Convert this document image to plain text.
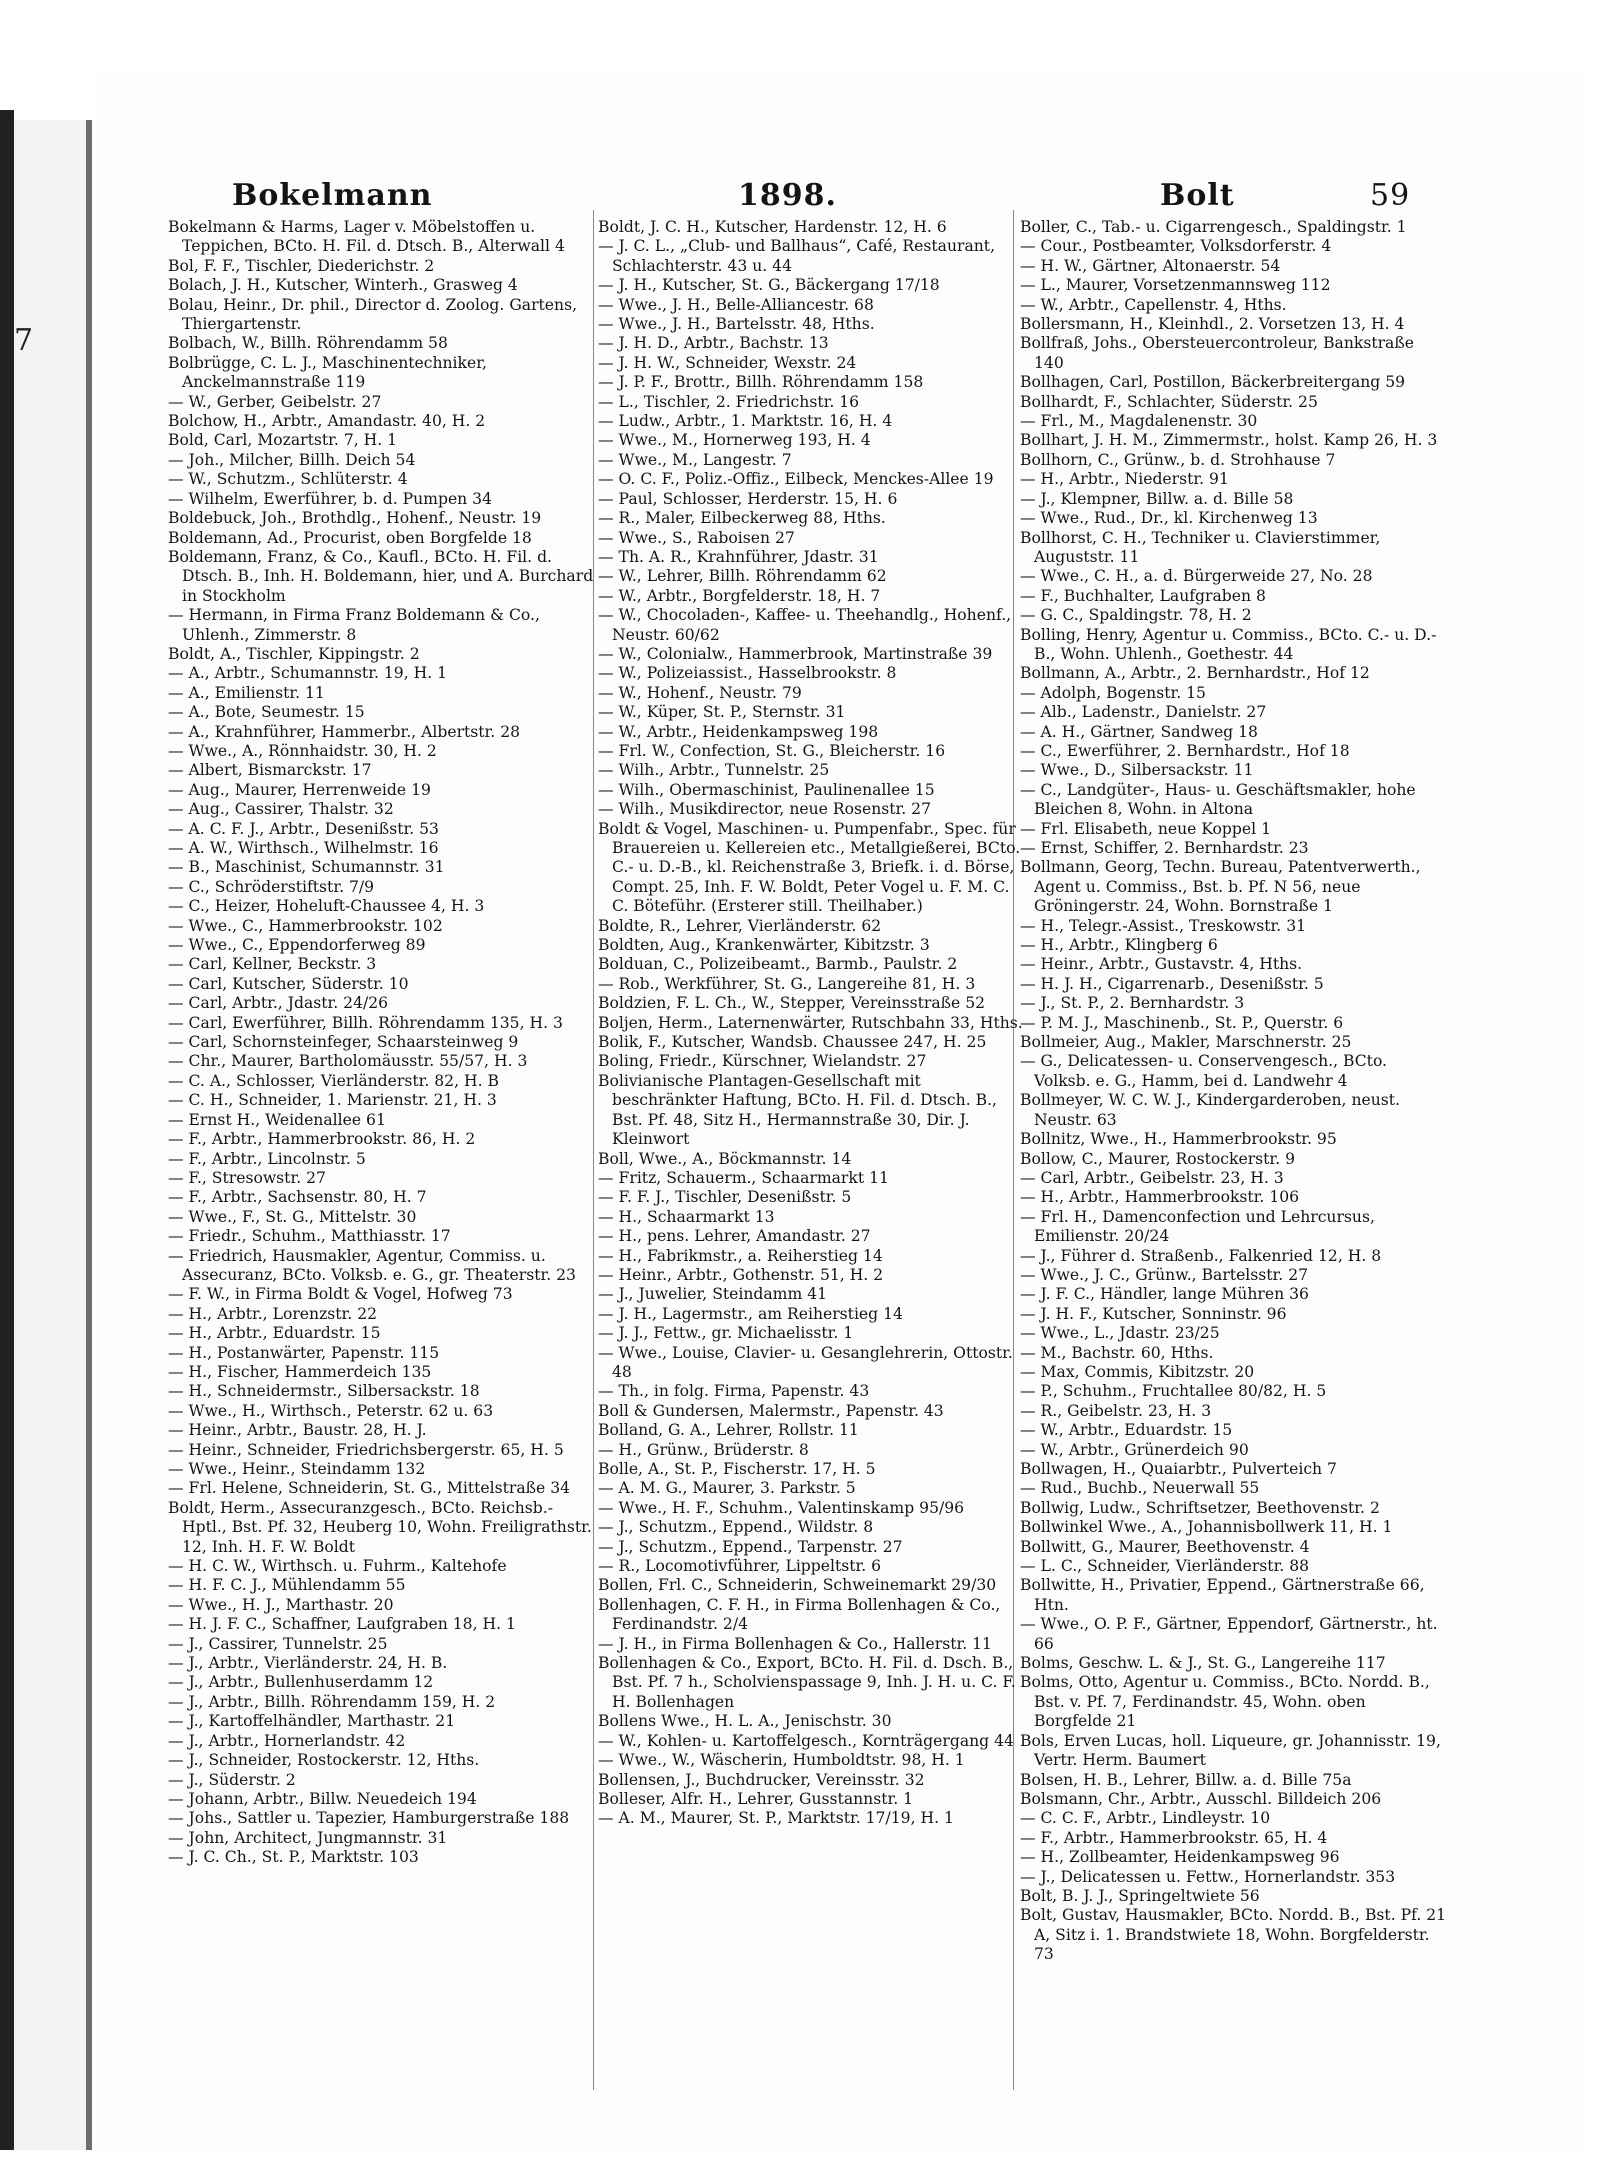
7
Bokelmann	1898.	Bolt	59
Bokelmann & Harms, Lager v. Möbelstoffen u. Teppichen, BCto. H. Fil. d. Dtsch. B., Alterwall 4
Bol, F. F., Tischler, Diederichstr. 2
Bolach, J. H., Kutscher, Winterh., Grasweg 4
Bolau, Heinr., Dr. phil., Director d. Zoolog. Gartens, Thiergartenstr.
Bolbach, W., Billh. Röhrendamm 58
Bolbrügge, C. L. J., Maschinentechniker, Anckelmannstraße 119
— W., Gerber, Geibelstr. 27
Bolchow, H., Arbtr., Amandastr. 40, H. 2
Bold, Carl, Mozartstr. 7, H. 1
— Joh., Milcher, Billh. Deich 54
— W., Schutzm., Schlüterstr. 4
— Wilhelm, Ewerführer, b. d. Pumpen 34
Boldebuck, Joh., Brothdlg., Hohenf., Neustr. 19
Boldemann, Ad., Procurist, oben Borgfelde 18
Boldemann, Franz, & Co., Kaufl., BCto. H. Fil. d. Dtsch. B., Inh. H. Boldemann, hier, und A. Burchard in Stockholm
— Hermann, in Firma Franz Boldemann & Co., Uhlenh., Zimmerstr. 8
Boldt, A., Tischler, Kippingstr. 2
— A., Arbtr., Schumannstr. 19, H. 1
— A., Emilienstr. 11
— A., Bote, Seumestr. 15
— A., Krahnführer, Hammerbr., Albertstr. 28
— Wwe., A., Rönnhaidstr. 30, H. 2
— Albert, Bismarckstr. 17
— Aug., Maurer, Herrenweide 19
— Aug., Cassirer, Thalstr. 32
— A. C. F. J., Arbtr., Desenißstr. 53
— A. W., Wirthsch., Wilhelmstr. 16
— B., Maschinist, Schumannstr. 31
— C., Schröderstiftstr. 7/9
— C., Heizer, Hoheluft-Chaussee 4, H. 3
— Wwe., C., Hammerbrookstr. 102
— Wwe., C., Eppendorferweg 89
— Carl, Kellner, Beckstr. 3
— Carl, Kutscher, Süderstr. 10
— Carl, Arbtr., Jdastr. 24/26
— Carl, Ewerführer, Billh. Röhrendamm 135, H. 3
— Carl, Schornsteinfeger, Schaarsteinweg 9
— Chr., Maurer, Bartholomäusstr. 55/57, H. 3
— C. A., Schlosser, Vierländerstr. 82, H. B
— C. H., Schneider, 1. Marienstr. 21, H. 3
— Ernst H., Weidenallee 61
— F., Arbtr., Hammerbrookstr. 86, H. 2
— F., Arbtr., Lincolnstr. 5
— F., Stresowstr. 27
— F., Arbtr., Sachsenstr. 80, H. 7
— Wwe., F., St. G., Mittelstr. 30
— Friedr., Schuhm., Matthiasstr. 17
— Friedrich, Hausmakler, Agentur, Commiss. u. Assecuranz, BCto. Volksb. e. G., gr. Theaterstr. 23
— F. W., in Firma Boldt & Vogel, Hofweg 73
— H., Arbtr., Lorenzstr. 22
— H., Arbtr., Eduardstr. 15
— H., Postanwärter, Papenstr. 115
— H., Fischer, Hammerdeich 135
— H., Schneidermstr., Silbersackstr. 18
— Wwe., H., Wirthsch., Peterstr. 62 u. 63
— Heinr., Arbtr., Baustr. 28, H. J.
— Heinr., Schneider, Friedrichsbergerstr. 65, H. 5
— Wwe., Heinr., Steindamm 132
— Frl. Helene, Schneiderin, St. G., Mittelstraße 34
Boldt, Herm., Assecuranzgesch., BCto. Reichsb.-Hptl., Bst. Pf. 32, Heuberg 10, Wohn. Freiligrathstr. 12, Inh. H. F. W. Boldt
— H. C. W., Wirthsch. u. Fuhrm., Kaltehofe
— H. F. C. J., Mühlendamm 55
— Wwe., H. J., Marthastr. 20
— H. J. F. C., Schaffner, Laufgraben 18, H. 1
— J., Cassirer, Tunnelstr. 25
— J., Arbtr., Vierländerstr. 24, H. B.
— J., Arbtr., Bullenhuserdamm 12
— J., Arbtr., Billh. Röhrendamm 159, H. 2
— J., Kartoffelhändler, Marthastr. 21
— J., Arbtr., Hornerlandstr. 42
— J., Schneider, Rostockerstr. 12, Hths.
— J., Süderstr. 2
— Johann, Arbtr., Billw. Neuedeich 194
— Johs., Sattler u. Tapezier, Hamburgerstraße 188
— John, Architect, Jungmannstr. 31
— J. C. Ch., St. P., Marktstr. 103
Boldt, J. C. H., Kutscher, Hardenstr. 12, H. 6
— J. C. L., „Club- und Ballhaus“, Café, Restaurant, Schlachterstr. 43 u. 44
— J. H., Kutscher, St. G., Bäckergang 17/18
— Wwe., J. H., Belle-Alliancestr. 68
— Wwe., J. H., Bartelsstr. 48, Hths.
— J. H. D., Arbtr., Bachstr. 13
— J. H. W., Schneider, Wexstr. 24
— J. P. F., Brottr., Billh. Röhrendamm 158
— L., Tischler, 2. Friedrichstr. 16
— Ludw., Arbtr., 1. Marktstr. 16, H. 4
— Wwe., M., Hornerweg 193, H. 4
— Wwe., M., Langestr. 7
— O. C. F., Poliz.-Offiz., Eilbeck, Menckes-Allee 19
— Paul, Schlosser, Herderstr. 15, H. 6
— R., Maler, Eilbeckerweg 88, Hths.
— Wwe., S., Raboisen 27
— Th. A. R., Krahnführer, Jdastr. 31
— W., Lehrer, Billh. Röhrendamm 62
— W., Arbtr., Borgfelderstr. 18, H. 7
— W., Chocoladen-, Kaffee- u. Theehandlg., Hohenf., Neustr. 60/62
— W., Colonialw., Hammerbrook, Martinstraße 39
— W., Polizeiassist., Hasselbrookstr. 8
— W., Hohenf., Neustr. 79
— W., Küper, St. P., Sternstr. 31
— W., Arbtr., Heidenkampsweg 198
— Frl. W., Confection, St. G., Bleicherstr. 16
— Wilh., Arbtr., Tunnelstr. 25
— Wilh., Obermaschinist, Paulinenallee 15
— Wilh., Musikdirector, neue Rosenstr. 27
Boldt & Vogel, Maschinen- u. Pumpenfabr., Spec. für Brauereien u. Kellereien etc., Metallgießerei, BCto. C.- u. D.-B., kl. Reichenstraße 3, Briefk. i. d. Börse, Compt. 25, Inh. F. W. Boldt, Peter Vogel u. F. M. C. C. Böteführ. (Ersterer still. Theilhaber.)
Boldte, R., Lehrer, Vierländerstr. 62
Boldten, Aug., Krankenwärter, Kibitzstr. 3
Bolduan, C., Polizeibeamt., Barmb., Paulstr. 2
— Rob., Werkführer, St. G., Langereihe 81, H. 3
Boldzien, F. L. Ch., W., Stepper, Vereinsstraße 52
Boljen, Herm., Laternenwärter, Rutschbahn 33, Hths.
Bolik, F., Kutscher, Wandsb. Chaussee 247, H. 25
Boling, Friedr., Kürschner, Wielandstr. 27
Bolivianische Plantagen-Gesellschaft mit beschränkter Haftung, BCto. H. Fil. d. Dtsch. B., Bst. Pf. 48, Sitz H., Hermannstraße 30, Dir. J. Kleinwort
Boll, Wwe., A., Böckmannstr. 14
— Fritz, Schauerm., Schaarmarkt 11
— F. F. J., Tischler, Desenißstr. 5
— H., Schaarmarkt 13
— H., pens. Lehrer, Amandastr. 27
— H., Fabrikmstr., a. Reiherstieg 14
— Heinr., Arbtr., Gothenstr. 51, H. 2
— J., Juwelier, Steindamm 41
— J. H., Lagermstr., am Reiherstieg 14
— J. J., Fettw., gr. Michaelisstr. 1
— Wwe., Louise, Clavier- u. Gesanglehrerin, Ottostr. 48
— Th., in folg. Firma, Papenstr. 43
Boll & Gundersen, Malermstr., Papenstr. 43
Bolland, G. A., Lehrer, Rollstr. 11
— H., Grünw., Brüderstr. 8
Bolle, A., St. P., Fischerstr. 17, H. 5
— A. M. G., Maurer, 3. Parkstr. 5
— Wwe., H. F., Schuhm., Valentinskamp 95/96
— J., Schutzm., Eppend., Wildstr. 8
— J., Schutzm., Eppend., Tarpenstr. 27
— R., Locomotivführer, Lippeltstr. 6
Bollen, Frl. C., Schneiderin, Schweinemarkt 29/30
Bollenhagen, C. F. H., in Firma Bollenhagen & Co., Ferdinandstr. 2/4
— J. H., in Firma Bollenhagen & Co., Hallerstr. 11
Bollenhagen & Co., Export, BCto. H. Fil. d. Dsch. B., Bst. Pf. 7 h., Scholvienspassage 9, Inh. J. H. u. C. F. H. Bollenhagen
Bollens Wwe., H. L. A., Jenischstr. 30
— W., Kohlen- u. Kartoffelgesch., Kornträgergang 44
— Wwe., W., Wäscherin, Humboldtstr. 98, H. 1
Bollensen, J., Buchdrucker, Vereinsstr. 32
Bolleser, Alfr. H., Lehrer, Gusstannstr. 1
— A. M., Maurer, St. P., Marktstr. 17/19, H. 1
Boller, C., Tab.- u. Cigarrengesch., Spaldingstr. 1
— Cour., Postbeamter, Volksdorferstr. 4
— H. W., Gärtner, Altonaerstr. 54
— L., Maurer, Vorsetzenmannsweg 112
— W., Arbtr., Capellenstr. 4, Hths.
Bollersmann, H., Kleinhdl., 2. Vorsetzen 13, H. 4
Bollfraß, Johs., Obersteuercontroleur, Bankstraße 140
Bollhagen, Carl, Postillon, Bäckerbreitergang 59
Bollhardt, F., Schlachter, Süderstr. 25
— Frl., M., Magdalenenstr. 30
Bollhart, J. H. M., Zimmermstr., holst. Kamp 26, H. 3
Bollhorn, C., Grünw., b. d. Strohhause 7
— H., Arbtr., Niederstr. 91
— J., Klempner, Billw. a. d. Bille 58
— Wwe., Rud., Dr., kl. Kirchenweg 13
Bollhorst, C. H., Techniker u. Clavierstimmer, Auguststr. 11
— Wwe., C. H., a. d. Bürgerweide 27, No. 28
— F., Buchhalter, Laufgraben 8
— G. C., Spaldingstr. 78, H. 2
Bolling, Henry, Agentur u. Commiss., BCto. C.- u. D.-B., Wohn. Uhlenh., Goethestr. 44
Bollmann, A., Arbtr., 2. Bernhardstr., Hof 12
— Adolph, Bogenstr. 15
— Alb., Ladenstr., Danielstr. 27
— A. H., Gärtner, Sandweg 18
— C., Ewerführer, 2. Bernhardstr., Hof 18
— Wwe., D., Silbersackstr. 11
— C., Landgüter-, Haus- u. Geschäftsmakler, hohe Bleichen 8, Wohn. in Altona
— Frl. Elisabeth, neue Koppel 1
— Ernst, Schiffer, 2. Bernhardstr. 23
Bollmann, Georg, Techn. Bureau, Patentverwerth., Agent u. Commiss., Bst. b. Pf. N 56, neue Gröningerstr. 24, Wohn. Bornstraße 1
— H., Telegr.-Assist., Treskowstr. 31
— H., Arbtr., Klingberg 6
— Heinr., Arbtr., Gustavstr. 4, Hths.
— H. J. H., Cigarrenarb., Desenißstr. 5
— J., St. P., 2. Bernhardstr. 3
— P. M. J., Maschinenb., St. P., Querstr. 6
Bollmeier, Aug., Makler, Marschnerstr. 25
— G., Delicatessen- u. Conservengesch., BCto. Volksb. e. G., Hamm, bei d. Landwehr 4
Bollmeyer, W. C. W. J., Kindergarderoben, neust. Neustr. 63
Bollnitz, Wwe., H., Hammerbrookstr. 95
Bollow, C., Maurer, Rostockerstr. 9
— Carl, Arbtr., Geibelstr. 23, H. 3
— H., Arbtr., Hammerbrookstr. 106
— Frl. H., Damenconfection und Lehrcursus, Emilienstr. 20/24
— J., Führer d. Straßenb., Falkenried 12, H. 8
— Wwe., J. C., Grünw., Bartelsstr. 27
— J. F. C., Händler, lange Mühren 36
— J. H. F., Kutscher, Sonninstr. 96
— Wwe., L., Jdastr. 23/25
— M., Bachstr. 60, Hths.
— Max, Commis, Kibitzstr. 20
— P., Schuhm., Fruchtallee 80/82, H. 5
— R., Geibelstr. 23, H. 3
— W., Arbtr., Eduardstr. 15
— W., Arbtr., Grünerdeich 90
Bollwagen, H., Quaiarbtr., Pulverteich 7
— Rud., Buchb., Neuerwall 55
Bollwig, Ludw., Schriftsetzer, Beethovenstr. 2
Bollwinkel Wwe., A., Johannisbollwerk 11, H. 1
Bollwitt, G., Maurer, Beethovenstr. 4
— L. C., Schneider, Vierländerstr. 88
Bollwitte, H., Privatier, Eppend., Gärtnerstraße 66, Htn.
— Wwe., O. P. F., Gärtner, Eppendorf, Gärtnerstr., ht. 66
Bolms, Geschw. L. & J., St. G., Langereihe 117
Bolms, Otto, Agentur u. Commiss., BCto. Nordd. B., Bst. v. Pf. 7, Ferdinandstr. 45, Wohn. oben Borgfelde 21
Bols, Erven Lucas, holl. Liqueure, gr. Johannisstr. 19, Vertr. Herm. Baumert
Bolsen, H. B., Lehrer, Billw. a. d. Bille 75a
Bolsmann, Chr., Arbtr., Ausschl. Billdeich 206
— C. C. F., Arbtr., Lindleystr. 10
— F., Arbtr., Hammerbrookstr. 65, H. 4
— H., Zollbeamter, Heidenkampsweg 96
— J., Delicatessen u. Fettw., Hornerlandstr. 353
Bolt, B. J. J., Springeltwiete 56
Bolt, Gustav, Hausmakler, BCto. Nordd. B., Bst. Pf. 21 A, Sitz i. 1. Brandstwiete 18, Wohn. Borgfelderstr. 73
